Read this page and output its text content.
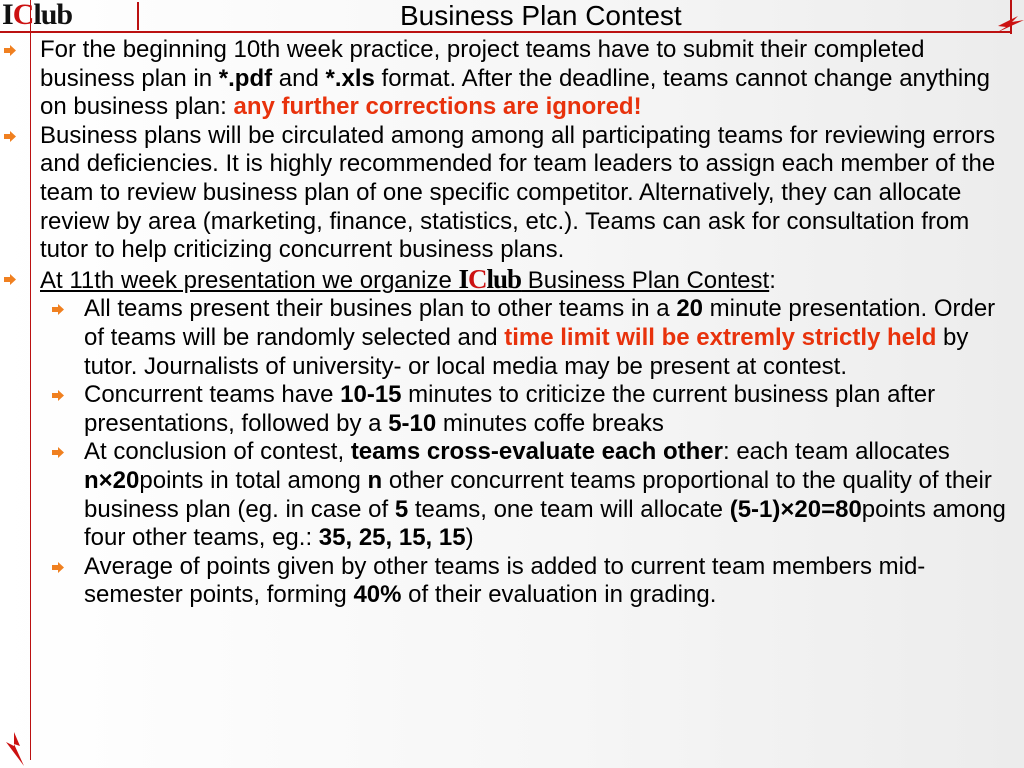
I C lub	Business Plan Contest
For the beginning 10th week practice, project teams have to submit their completed business plan in *.pdf and *.xls format. After the deadline, teams cannot change anything on business plan: any further corrections are ignored!
Business plans will be circulated among among all participating teams for reviewing errors and deficiencies. It is highly recommended for team leaders to assign each member of the team to review business plan of one specific competitor. Alternatively, they can allocate review by area (marketing, finance, statistics, etc.). Teams can ask for consultation from tutor to help criticizing concurrent business plans.
At 11th week presentation we organize IClub Business Plan Contest:
All teams present their busines plan to other teams in a 20 minute presentation. Order of teams will be randomly selected and time limit will be extremly strictly held by tutor. Journalists of university- or local media may be present at contest.
Concurrent teams have 10-15 minutes to criticize the current business plan after presentations, followed by a 5-10 minutes coffe breaks
At conclusion of contest, teams cross-evaluate each other: each team allocates n×20points in total among n other concurrent teams proportional to the quality of their business plan (eg. in case of 5 teams, one team will allocate (5-1)×20=80points among four other teams, eg.: 35, 25, 15, 15)
Average of points given by other teams is added to current team members mid-semester points, forming 40% of their evaluation in grading.
